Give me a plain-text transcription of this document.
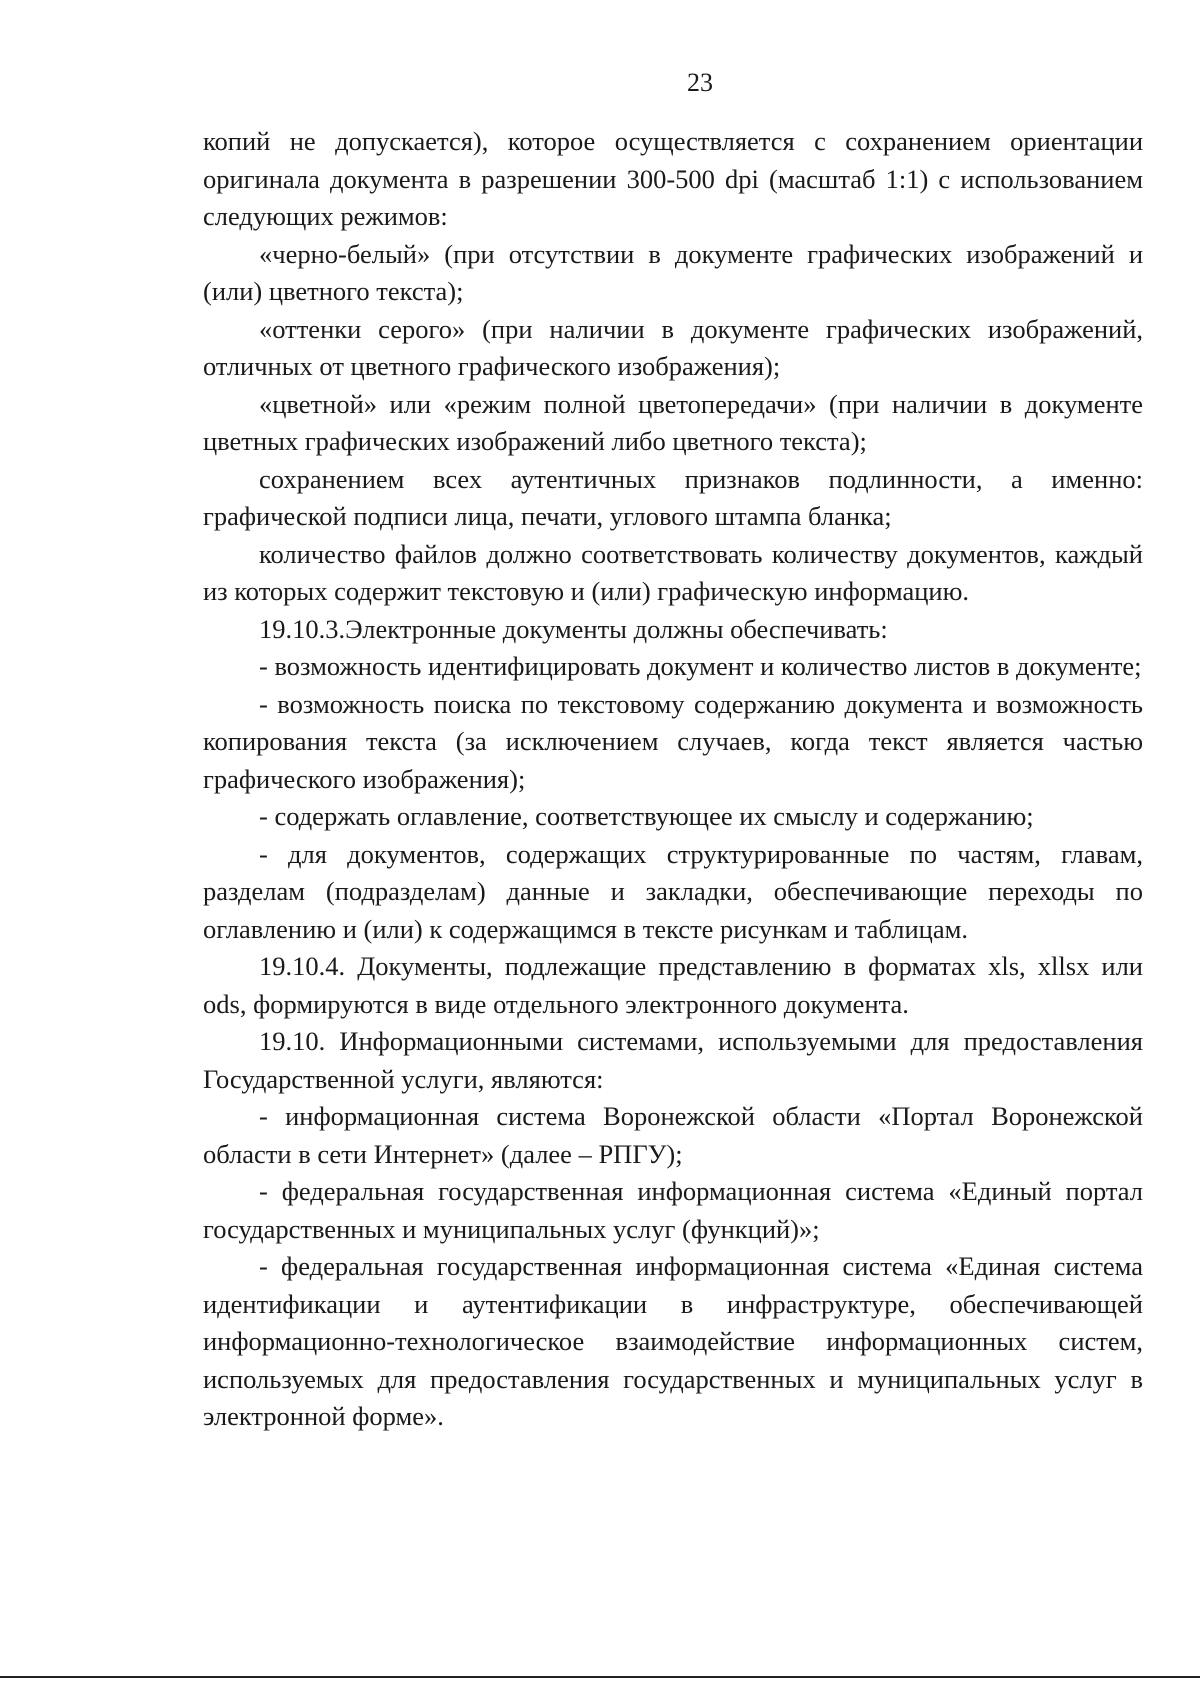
23

копий не допускается), которое осуществляется с сохранением ориентации оригинала документа в разрешении 300-500 dpi (масштаб 1:1) с использованием следующих режимов:

«черно-белый» (при отсутствии в документе графических изображений и (или) цветного текста);

«оттенки серого» (при наличии в документе графических изображений, отличных от цветного графического изображения);

«цветной» или «режим полной цветопередачи» (при наличии в документе цветных графических изображений либо цветного текста);

сохранением всех аутентичных признаков подлинности, а именно: графической подписи лица, печати, углового штампа бланка;

количество файлов должно соответствовать количеству документов, каждый из которых содержит текстовую и (или) графическую информацию.

19.10.3.Электронные документы должны обеспечивать:

- возможность идентифицировать документ и количество листов в документе;

- возможность поиска по текстовому содержанию документа и возможность копирования текста (за исключением случаев, когда текст является частью графического изображения);

- содержать оглавление, соответствующее их смыслу и содержанию;

- для документов, содержащих структурированные по частям, главам, разделам (подразделам) данные и закладки, обеспечивающие переходы по оглавлению и (или) к содержащимся в тексте рисункам и таблицам.

19.10.4. Документы, подлежащие представлению в форматах xls, xllsx или ods, формируются в виде отдельного электронного документа.

19.10. Информационными системами, используемыми для предоставления Государственной услуги, являются:

- информационная система Воронежской области «Портал Воронежской области в сети Интернет» (далее – РПГУ);

- федеральная государственная информационная система «Единый портал государственных и муниципальных услуг (функций)»;

- федеральная государственная информационная система «Единая система идентификации и аутентификации в инфраструктуре, обеспечивающей информационно-технологическое взаимодействие информационных систем, используемых для предоставления государственных и муниципальных услуг в электронной форме».
